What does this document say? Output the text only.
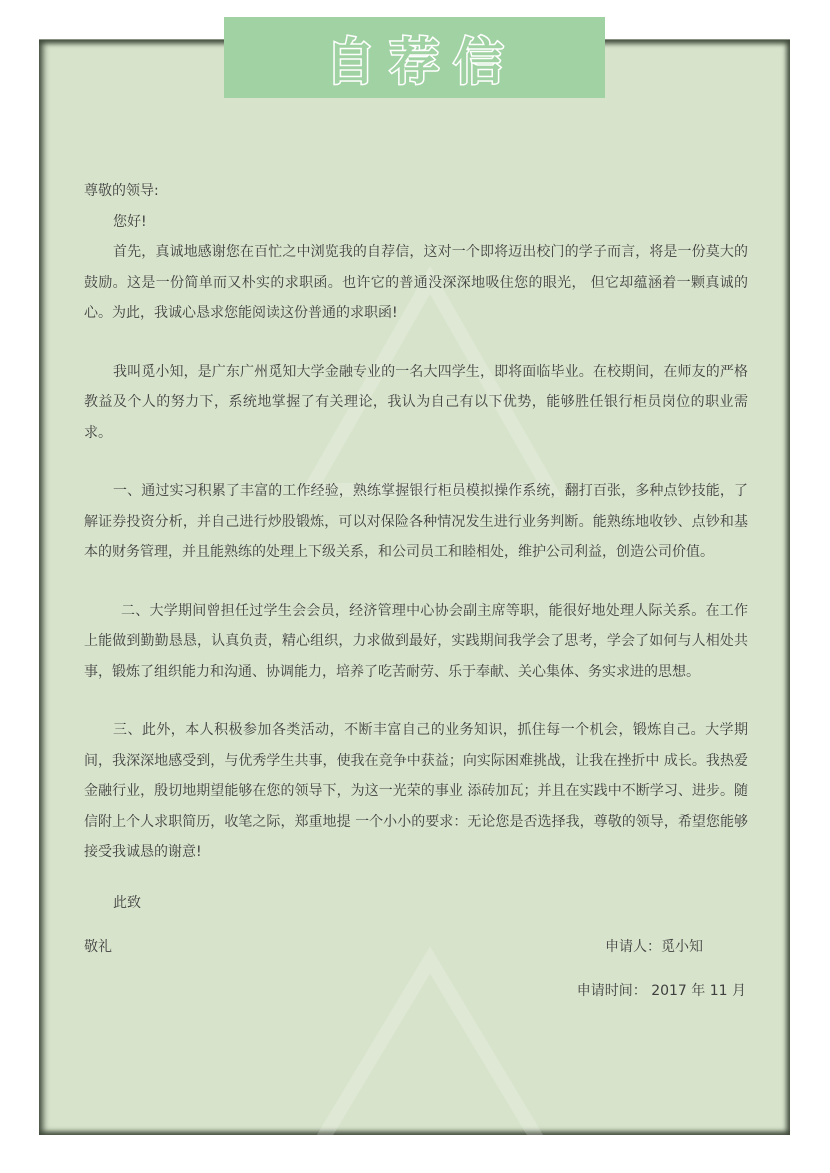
自荐信

尊敬的领导:

您好!

首先，真诚地感谢您在百忙之中浏览我的自荐信，这对一个即将迈出校门的学子而言，将是一份莫大的鼓励。这是一份简单而又朴实的求职函。也许它的普通没深深地吸住您的眼光， 但它却蕴涵着一颗真诚的心。为此，我诚心恳求您能阅读这份普通的求职函!

我叫觅小知，是广东广州觅知大学金融专业的一名大四学生，即将面临毕业。在校期间，在师友的严格 教益及个人的努力下，系统地掌握了有关理论，我认为自己有以下优势，能够胜任银行柜员岗位的职业需求。

一、通过实习积累了丰富的工作经验，熟练掌握银行柜员模拟操作系统，翻打百张，多种点钞技能，了解证券投资分析，并自己进行炒股锻炼，可以对保险各种情况发生进行业务判断。能熟练地收钞、点钞和基本的财务管理，并且能熟练的处理上下级关系，和公司员工和睦相处，维护公司利益，创造公司价值。

二、大学期间曾担任过学生会会员，经济管理中心协会副主席等职，能很好地处理人际关系。在工作上能做到勤勤恳恳，认真负责，精心组织，力求做到最好，实践期间我学会了思考，学会了如何与人相处共事，锻炼了组织能力和沟通、协调能力，培养了吃苦耐劳、乐于奉献、关心集体、务实求进的思想。

三、此外，本人积极参加各类活动，不断丰富自己的业务知识，抓住每一个机会，锻炼自己。大学期间，我深深地感受到，与优秀学生共事，使我在竞争中获益；向实际困难挑战，让我在挫折中 成长。我热爱金融行业，殷切地期望能够在您的领导下，为这一光荣的事业 添砖加瓦；并且在实践中不断学习、进步。随信附上个人求职简历，收笔之际，郑重地提 一个小小的要求：无论您是否选择我，尊敬的领导，希望您能够接受我诚恳的谢意!

此致

敬礼	申请人：觅小知
申请时间： 2017 年 11 月
